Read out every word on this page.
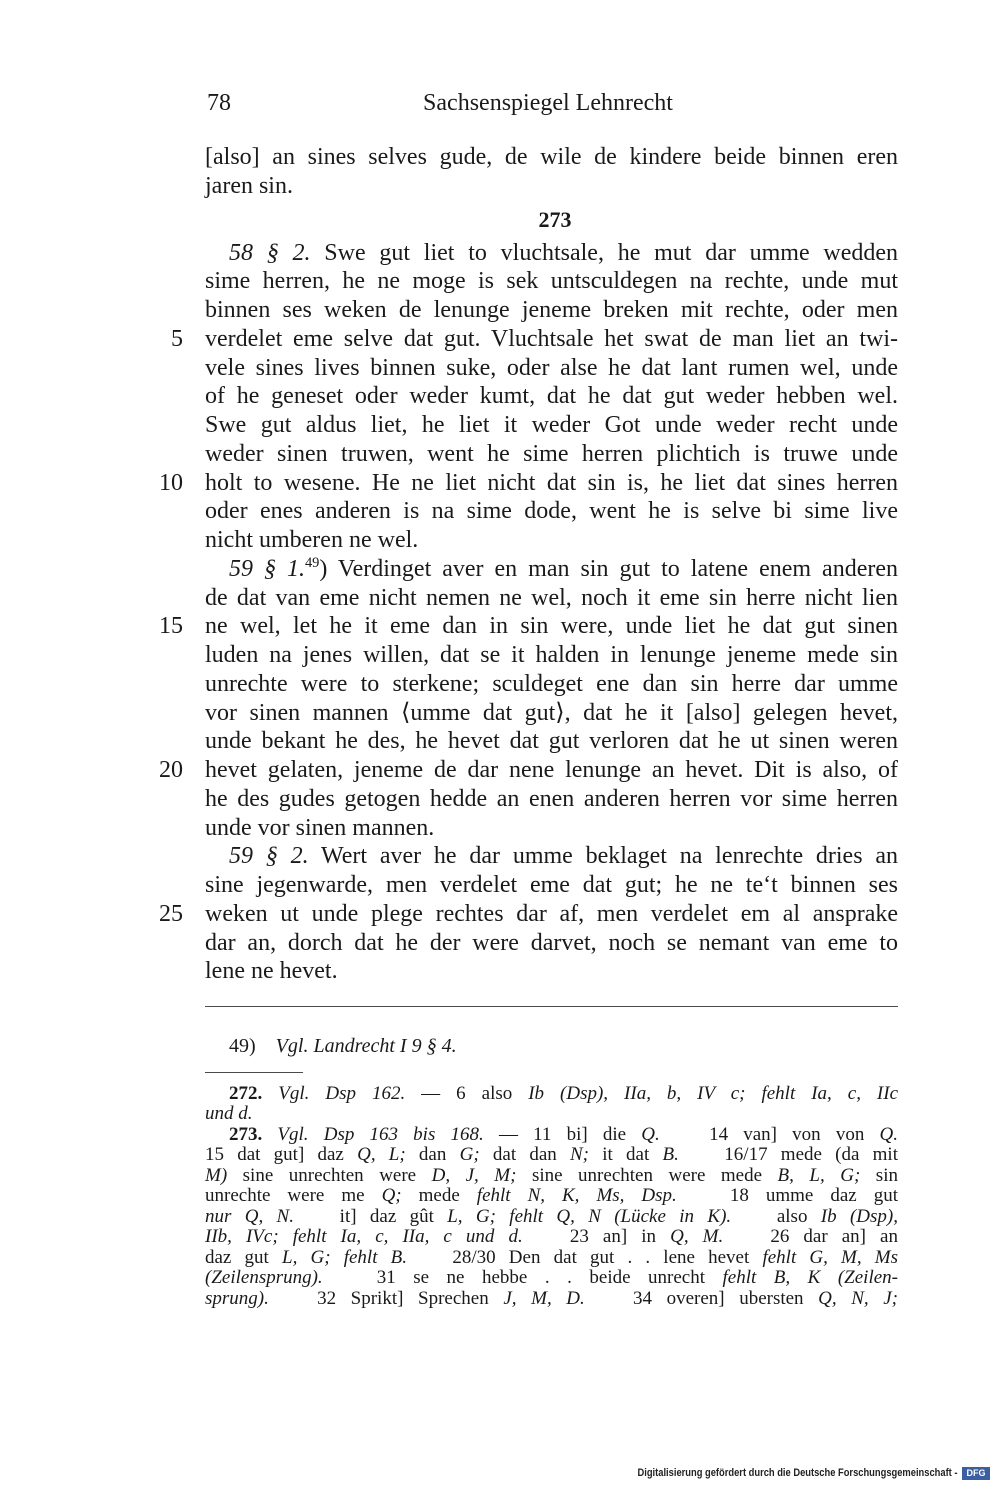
78	Sachsenspiegel Lehnrecht
[also] an sines selves gude, de wile de kindere beide binnen eren
jaren sin.
273
58 § 2. Swe gut liet to vluchtsale, he mut dar umme wedden
sime herren, he ne moge is sek untsculdegen na rechte, unde mut
binnen ses weken de lenunge jeneme breken mit rechte, oder men
5 verdelet eme selve dat gut. Vluchtsale het swat de man liet an twi-
vele sines lives binnen suke, oder alse he dat lant rumen wel, unde
of he geneset oder weder kumt, dat he dat gut weder hebben wel.
Swe gut aldus liet, he liet it weder Got unde weder recht unde
weder sinen truwen, went he sime herren plichtich is truwe unde
10 holt to wesene. He ne liet nicht dat sin is, he liet dat sines herren
oder enes anderen is na sime dode, went he is selve bi sime live
nicht umberen ne wel.
59 § 1.49) Verdinget aver en man sin gut to latene enem anderen
de dat van eme nicht nemen ne wel, noch it eme sin herre nicht lien
15 ne wel, let he it eme dan in sin were, unde liet he dat gut sinen
luden na jenes willen, dat se it halden in lenunge jeneme mede sin
unrechte were to sterkene; sculdeget ene dan sin herre dar umme
vor sinen mannen ⟨umme dat gut⟩, dat he it [also] gelegen hevet,
unde bekant he des, he hevet dat gut verloren dat he ut sinen weren
20 hevet gelaten, jeneme de dar nene lenunge an hevet. Dit is also, of
he des gudes getogen hedde an enen anderen herren vor sime herren
unde vor sinen mannen.
59 § 2. Wert aver he dar umme beklaget na lenrechte dries an
sine jegenwarde, men verdelet eme dat gut; he ne te‘t binnen ses
25 weken ut unde plege rechtes dar af, men verdelet em al ansprake
dar an, dorch dat he der were darvet, noch se nemant van eme to
lene ne hevet.
49) Vgl. Landrecht I 9 § 4.
272. Vgl. Dsp 162. — 6 also Ib (Dsp), IIa, b, IV c; fehlt Ia, c, IIc
und d.
273. Vgl. Dsp 163 bis 168. — 11 bi] die Q.   14 van] von von Q.
15 dat gut] daz Q, L; dan G; dat dan N; it dat B.   16/17 mede (da mit
M) sine unrechten were D, J, M; sine unrechten were mede B, L, G; sin
unrechte were me Q; mede fehlt N, K, Ms, Dsp.   18 umme daz gut
nur Q, N.   it] daz gût L, G; fehlt Q, N (Lücke in K).   also Ib (Dsp),
IIb, IVc; fehlt Ia, c, IIa, c und d.   23 an] in Q, M.   26 dar an] an
daz gut L, G; fehlt B.   28/30 Den dat gut . . lene hevet fehlt G, M, Ms
(Zeilensprung).   31 se ne hebbe . . beide unrecht fehlt B, K (Zeilen-
sprung).   32 Sprikt] Sprechen J, M, D.   34 overen] ubersten Q, N, J;
Digitalisierung gefördert durch die Deutsche Forschungsgemeinschaft - DFG
